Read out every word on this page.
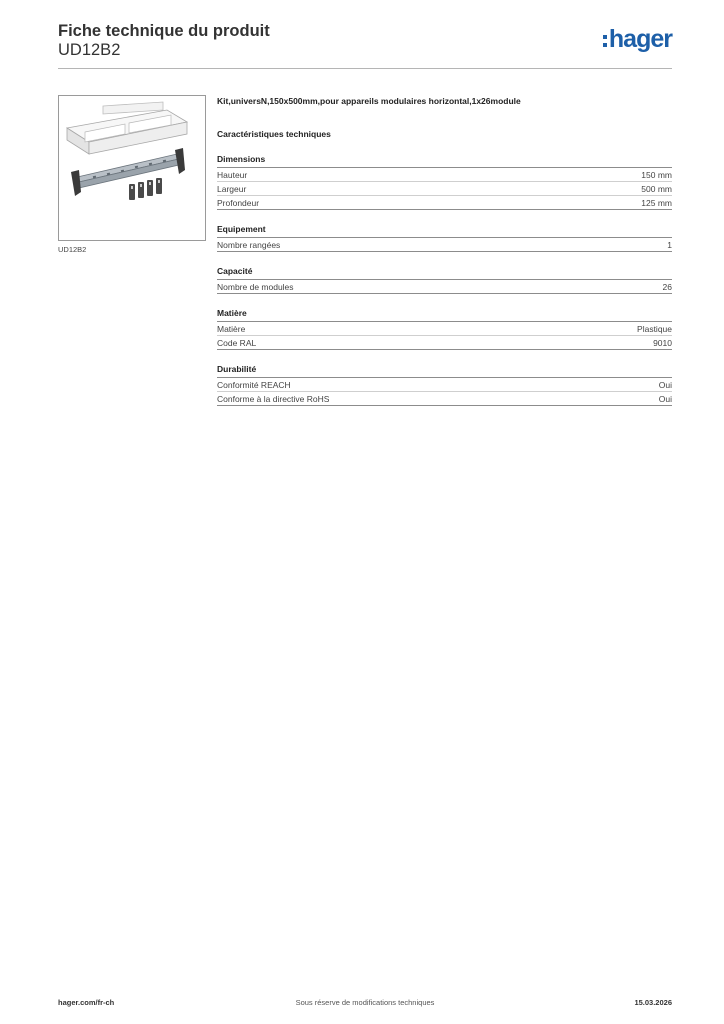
Fiche technique du produit
UD12B2	hager
UD12B2
Kit,universN,150x500mm,pour appareils modulaires horizontal,1x26module
Caractéristiques techniques
Dimensions
Hauteur	150 mm
Largeur	500 mm
Profondeur	125 mm
Equipement
Nombre rangées	1
Capacité
Nombre de modules	26
Matière
Matière	Plastique
Code RAL	9010
Durabilité
Conformité REACH	Oui
Conforme à la directive RoHS	Oui
hager.com/fr-ch	Sous réserve de modifications techniques	15.03.2026
